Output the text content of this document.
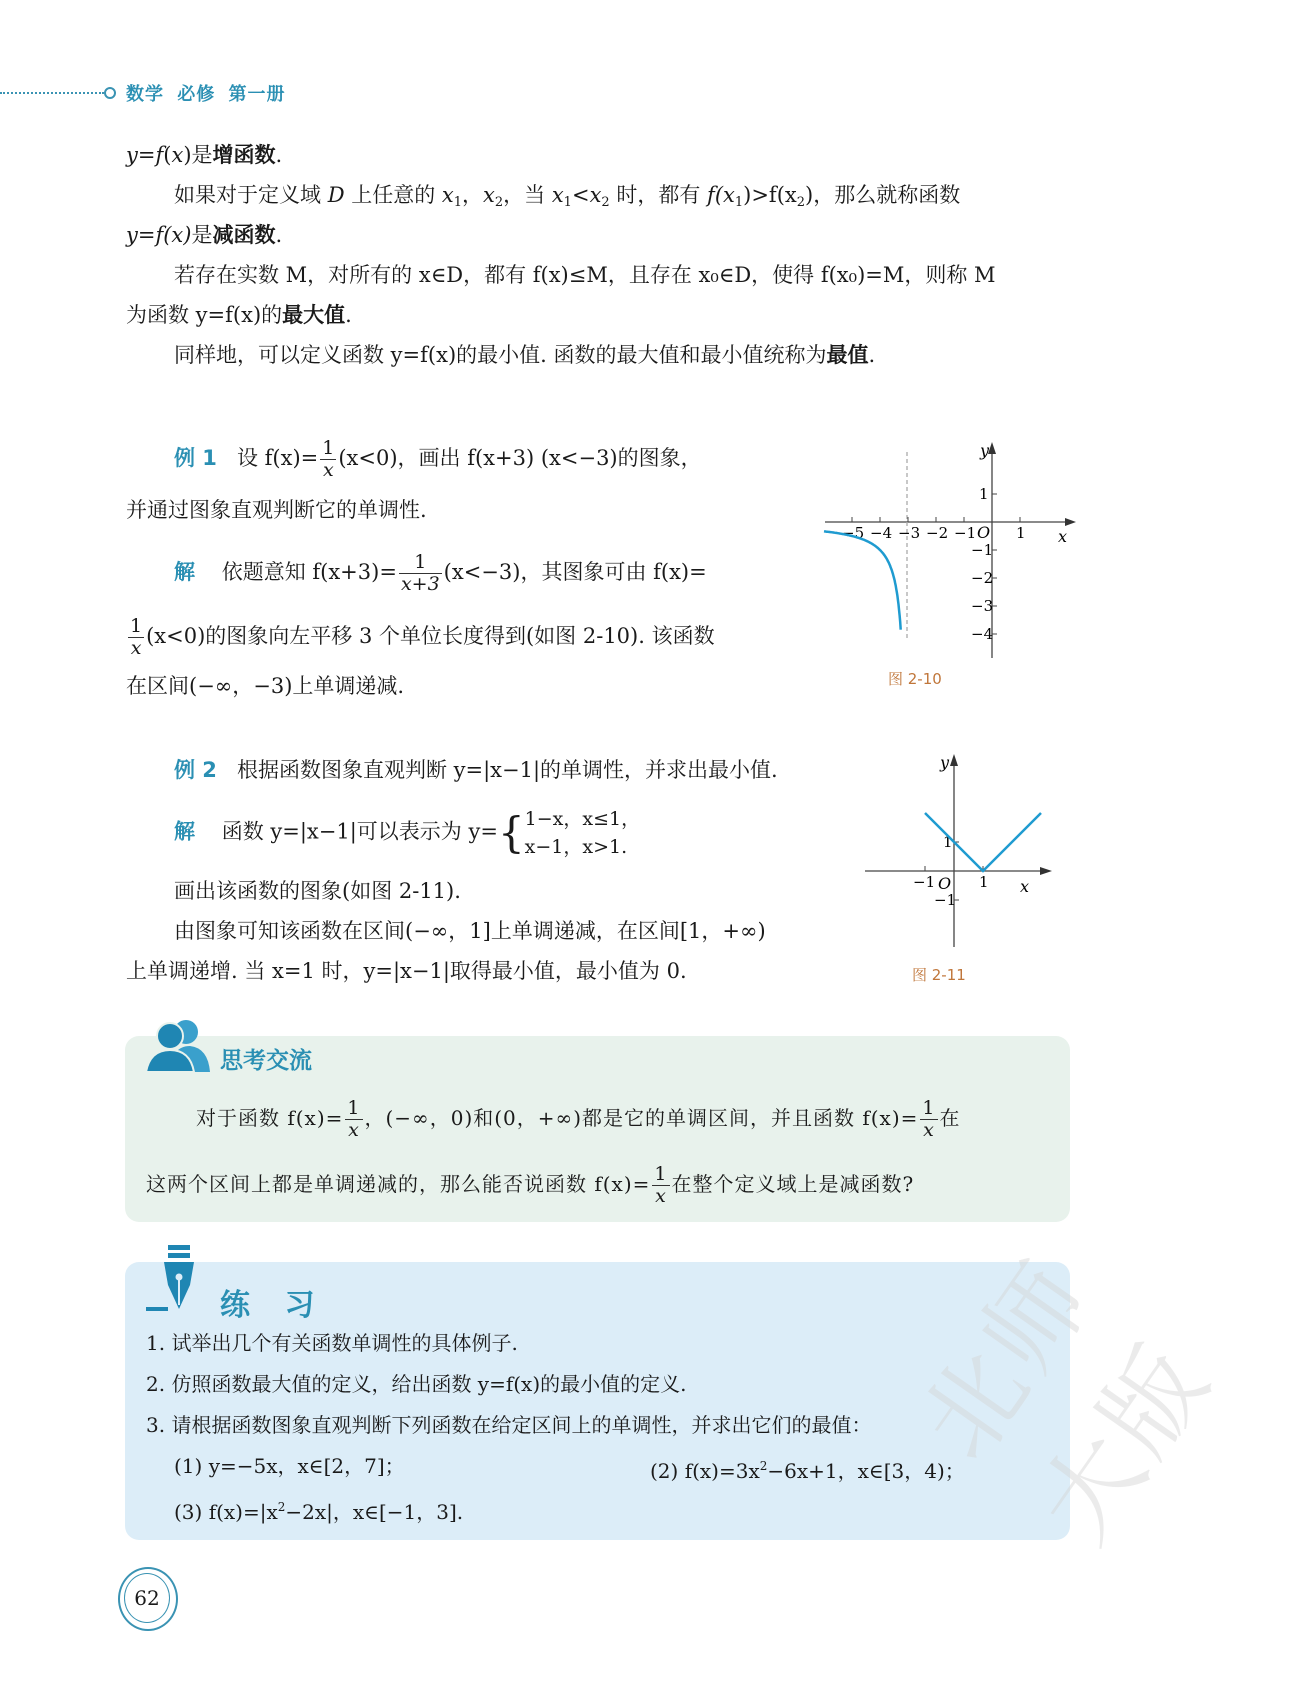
数学 必修 第一册
y=f(x)是增函数.
如果对于定义域 D 上任意的 $x_1$，$x_2$，当 $x_1<x_2$ 时，都有 $f(x_1)>f(x_2)$，那么就称函数
y=f(x)是减函数.
若存在实数 M，对所有的 x∈D，都有 f(x)≤M，且存在 x₀∈D，使得 f(x₀)=M，则称 M
为函数 y=f(x)的最大值.
同样地，可以定义函数 y=f(x)的最小值. 函数的最大值和最小值统称为最值.
例 1 设 $f(x)= \frac{1}{x} (x<0)$，画出 f(x+3) (x<−3)的图象，
并通过图象直观判断它的单调性.
解 依题意知 $f(x+3)= \frac{1}{x+3} (x<-3)$，其图象可由 f(x)=
$\frac{1}{x} (x<0)$的图象向左平移 3 个单位长度得到(如图 2-10). 该函数
在区间(−∞，−3)上单调递减.
−5 −4 −3 −2 −1	1
1
−1
−2
−3
−4
y
x
O
图 2-10
例 2 根据函数图象直观判断 y=|x−1|的单调性，并求出最小值.
解 函数 y=|x−1|可以表示为 y={ 1−x，x≤1，
x−1，x>1.
画出该函数的图象(如图 2-11).
由图象可知该函数在区间(−∞，1]上单调递减，在区间[1，+∞)
上单调递增. 当 x=1 时，y=|x−1|取得最小值，最小值为 0.
−1	1
1
−1
y
x
O
图 2-11
思考交流
对于函数 $f(x)= \frac{1}{x}$ ，(−∞，0)和(0，+∞)都是它的单调区间，并且函数 $f(x)= \frac{1}{x}$ 在
这两个区间上都是单调递减的，那么能否说函数 $f(x)= \frac{1}{x}$ 在整个定义域上是减函数?
练 习
1. 试举出几个有关函数单调性的具体例子.
2. 仿照函数最大值的定义，给出函数 y=f(x)的最小值的定义.
3. 请根据函数图象直观判断下列函数在给定区间上的单调性，并求出它们的最值：
(1) y=−5x，x∈[2，7]；	(2) $f(x)=3x^2-6x+1$，x∈[3，4)；
(3) $f(x)=|x^2-2x|$，x∈[−1，3].
62
北师大版
